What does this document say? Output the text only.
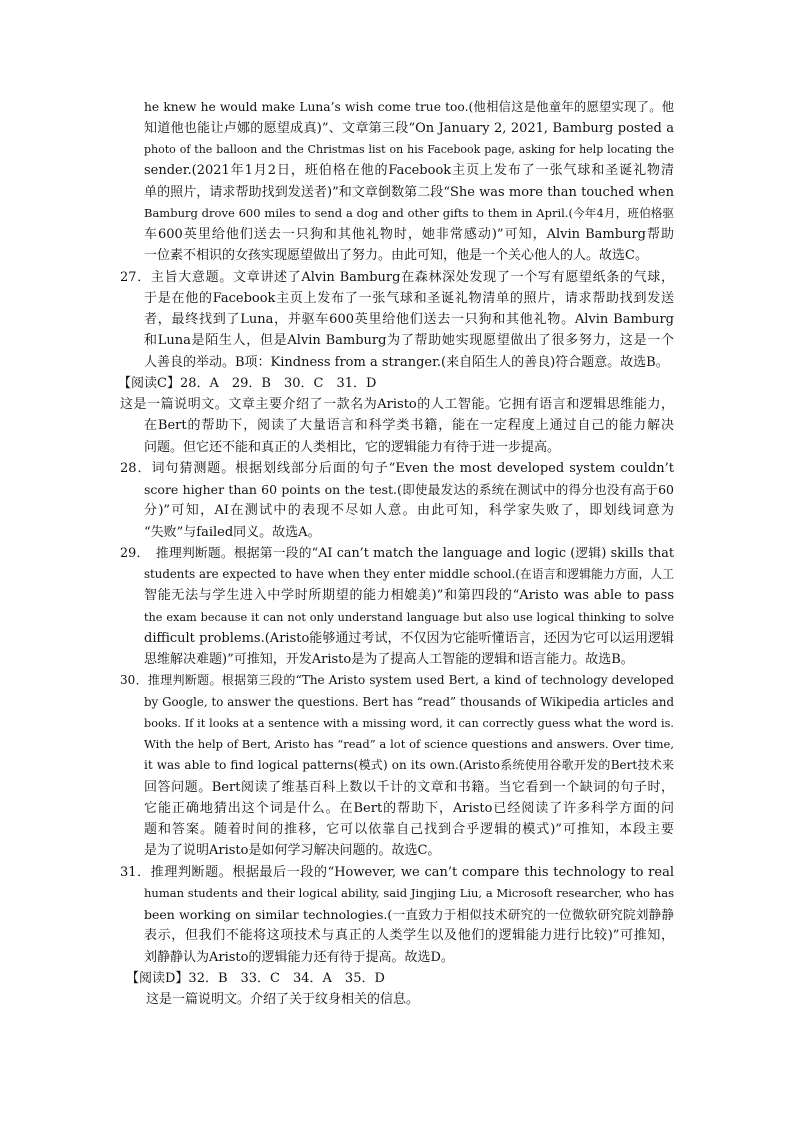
he knew he would make Luna’s wish come true too.(他相信这是他童年的愿望实现了。他
知道他也能让卢娜的愿望成真)”、文章第三段“On January 2, 2021, Bamburg posted a
photo of the balloon and the Christmas list on his Facebook page, asking for help locating the
sender.(2021年1月2日，班伯格在他的Facebook主页上发布了一张气球和圣诞礼物清
单的照片，请求帮助找到发送者)”和文章倒数第二段“She was more than touched when
Bamburg drove 600 miles to send a dog and other gifts to them in April.(今年4月，班伯格驱
车600英里给他们送去一只狗和其他礼物时，她非常感动)”可知，Alvin Bamburg帮助
一位素不相识的女孩实现愿望做出了努力。由此可知，他是一个关心他人的人。故选C。
27．主旨大意题。文章讲述了Alvin Bamburg在森林深处发现了一个写有愿望纸条的气球，
于是在他的Facebook主页上发布了一张气球和圣诞礼物清单的照片，请求帮助找到发送
者，最终找到了Luna，并驱车600英里给他们送去一只狗和其他礼物。Alvin Bamburg
和Luna是陌生人，但是Alvin Bamburg为了帮助她实现愿望做出了很多努力，这是一个
人善良的举动。B项：Kindness from a stranger.(来自陌生人的善良)符合题意。故选B。
【阅读C】28．A　29．B　30．C　31．D
这是一篇说明文。文章主要介绍了一款名为Aristo的人工智能。它拥有语言和逻辑思维能力，
在Bert的帮助下，阅读了大量语言和科学类书籍，能在一定程度上通过自己的能力解决
问题。但它还不能和真正的人类相比，它的逻辑能力有待于进一步提高。
28．词句猜测题。根据划线部分后面的句子“Even the most developed system couldn’t
score higher than 60 points on the test.(即使最发达的系统在测试中的得分也没有高于60
分)”可知，AI在测试中的表现不尽如人意。由此可知，科学家失败了，即划线词意为
“失败”与failed同义。故选A。
29．　推理判断题。根据第一段的“AI can’t match the language and logic (逻辑) skills that
students are expected to have when they enter middle school.(在语言和逻辑能力方面，人工
智能无法与学生进入中学时所期望的能力相媲美)”和第四段的“Aristo was able to pass
the exam because it can not only understand language but also use logical thinking to solve
difficult problems.(Aristo能够通过考试，不仅因为它能听懂语言，还因为它可以运用逻辑
思维解决难题)”可推知，开发Aristo是为了提高人工智能的逻辑和语言能力。故选B。
30．推理判断题。根据第三段的“The Aristo system used Bert, a kind of technology developed
by Google, to answer the questions. Bert has “read” thousands of Wikipedia articles and
books. If it looks at a sentence with a missing word, it can correctly guess what the word is.
With the help of Bert, Aristo has “read” a lot of science questions and answers. Over time,
it was able to find logical patterns(模式) on its own.(Aristo系统使用谷歌开发的Bert技术来
回答问题。Bert阅读了维基百科上数以千计的文章和书籍。当它看到一个缺词的句子时，
它能正确地猜出这个词是什么。在Bert的帮助下，Aristo已经阅读了许多科学方面的问
题和答案。随着时间的推移，它可以依靠自己找到合乎逻辑的模式)”可推知，本段主要
是为了说明Aristo是如何学习解决问题的。故选C。
31．推理判断题。根据最后一段的“However, we can’t compare this technology to real
human students and their logical ability, said Jingjing Liu, a Microsoft researcher, who has
been working on similar technologies.(一直致力于相似技术研究的一位微软研究院刘静静
表示，但我们不能将这项技术与真正的人类学生以及他们的逻辑能力进行比较)”可推知，
刘静静认为Aristo的逻辑能力还有待于提高。故选D。
【阅读D】32．B　33．C　34．A　35．D
这是一篇说明文。介绍了关于纹身相关的信息。
